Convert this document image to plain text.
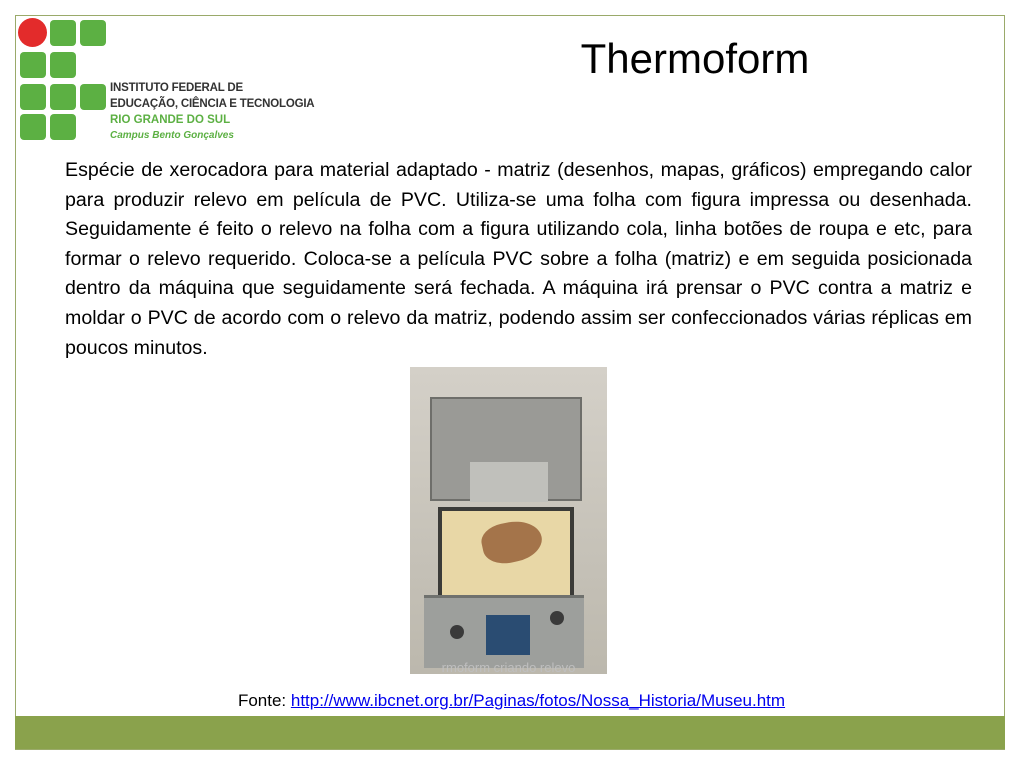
INSTITUTO FEDERAL DE
EDUCAÇÃO, CIÊNCIA E TECNOLOGIA
RIO GRANDE DO SUL
Campus Bento Gonçalves
Thermoform

Espécie de xerocadora para material adaptado - matriz (desenhos, mapas, gráficos) empregando calor para produzir relevo em película de PVC. Utiliza-se uma folha com figura impressa ou desenhada. Seguidamente é feito o relevo na folha com a figura utilizando cola, linha botões de roupa e etc, para formar o relevo requerido. Coloca-se a película PVC sobre a folha (matriz) e em seguida posicionada dentro da máquina que seguidamente será fechada. A máquina irá prensar o PVC contra a matriz e moldar o PVC de acordo com o relevo da matriz, podendo assim ser confeccionados várias réplicas em poucos minutos.

rmoform criando relevo
Fonte: http://www.ibcnet.org.br/Paginas/fotos/Nossa_Historia/Museu.htm
